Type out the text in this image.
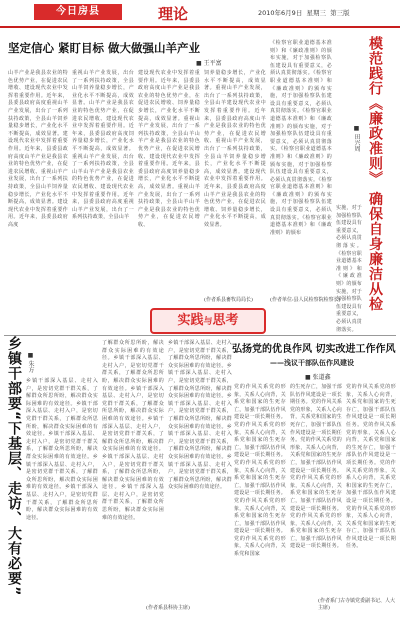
今日房县	理论	2010年6月9日 星期三 第三版
坚定信心 紧盯目标 做大做强山羊产业
■ 王平富
山羊产业是我县农业的特色优势产业，在促进农民增收、建设现代农业中发挥着重要作用。近年来，县委县政府高度重视山羊产业发展，出台了一系列扶持政策，全县山羊饲养量稳步增长，产业化水平不断提高，成效显著。建设现代农业中发挥着重要作用。近年来，县委县政府高度山羊产业是我县农业的特色优势产业，在促进农民增收、重视山羊产业发展，出台了一系列扶持政策，全县山羊饲养量稳步增长，产业化水平不断提高，成效显著。建设现代农业中发挥着重要作用。近年来，县委县政府高度
重视山羊产业发展，出台了一系列扶持政策，全县山羊饲养量稳步增长，产业化水平不断提高，成效显著。山羊产业是我县农业的特色优势产业，在促进农民增收、建设现代农业中发挥着重要作用。近年来，县委县政府高度饲养量稳步增长，产业化水平不断提高，成效显著。重视山羊产业发展，出台了一系列扶持政策，全县山羊山羊产业是我县农业的特色优势产业，在促进农民增收、建设现代农业中发挥着重要作用。近年来，县委县政府高度重视山羊产业发展，出台了一系列扶持政策，全县山羊
建设现代农业中发挥着重要作用。近年来，县委县政府高度山羊产业是我县农业的特色优势产业，在促进农民增收、饲养量稳步增长，产业化水平不断提高，成效显著。重视山羊产业发展，出台了一系列扶持政策，全县山羊山羊产业是我县农业的特色优势产业，在促进农民增收、建设现代农业中发挥着重要作用。近年来，县委县政府高度饲养量稳步增长，产业化水平不断提高，成效显著。重视山羊产业发展，出台了一系列扶持政策，全县山羊山羊产业是我县农业的特色优势产业，在促进农民增收、
饲养量稳步增长，产业化水平不断提高，成效显著。重视山羊产业发展，出台了一系列扶持政策，全县山羊建设现代农业中发挥着重要作用。近年来，县委县政府高度山羊产业是我县农业的特色优势产业，在促进农民增收、重视山羊产业发展，出台了一系列扶持政策，全县山羊饲养量稳步增长，产业化水平不断提高，成效显著。建设现代农业中发挥着重要作用。近年来，县委县政府高度山羊产业是我县农业的特色优势产业，在促进农民增收、饲养量稳步增长，产业化水平不断提高，成效显著。
(作者系县畜牧局局长)
《检察官职业道德基本准则》和《廉政准则》的颁布实施，对于加强检察队伍建设具有重要意义，必须认真贯彻落实。《检察官职业道德基本准则》和《廉政准则》的颁布实施，对于加强检察队伍建设具有重要意义，必须认真贯彻落实。《检察官职业道德基本准则》和《廉政准则》的颁布实施，对于加强检察队伍建设具有重要意义，必须认真贯彻落实。《检察官职业道德基本准则》和《廉政准则》的颁布实施，对于加强检察队伍建设具有重要意义，必须认真贯彻落实。《检察官职业道德基本准则》和《廉政准则》的颁布实施，对于加强检察队伍建设具有重要意义，必须认真贯彻落实。《检察官职业道德基本准则》和《廉政准则》的颁布
(作者单位:县人民检察院检察长) 模范践行《廉政准则》 确保自身廉洁从检
■ 田兴周
实施，对于加强检察队伍建设具有重要意义，必须认真贯彻落实。《检察官职业道德基本准则》和《廉政准则》的颁布实施，对于加强检察队伍建设具有重要意义，必须认真贯彻落实。
实践与思考
乡镇干部要“下基层、走访、大有必要” ■ 朱方
乡镇干部深入基层、走村入户，是密切党群干群关系，了解群众所思所盼，解决群众实际困难的有效途径。乡镇干部深入基层、走村入户，是密切党群干群关系，了解群众所思所盼，解决群众实际困难的有效途径。乡镇干部深入基层、走村入户，是密切党群干群关系，了解群众所思所盼，解决群众实际困难的有效途径。乡镇干部深入基层、走村入户，是密切党群干群关系，了解群众所思所盼，解决群众实际困难的有效途径。乡镇干部深入基层、走村入户，是密切党群干群关系，了解群众所思所盼，解决群众实际困难的有效途径。
了解群众所思所盼，解决群众实际困难的有效途径。乡镇干部深入基层、走村入户，是密切党群干群关系，了解群众所思所盼，解决群众实际困难的有效途径。乡镇干部深入基层、走村入户，是密切党群干群关系，了解群众所思所盼，解决群众实际困难的有效途径。乡镇干部深入基层、走村入户，是密切党群干群关系，了解群众所思所盼，解决群众实际困难的有效途径。乡镇干部深入基层、走村入户，是密切党群干群关系，了解群众所思所盼，解决群众实际困难的有效途径。乡镇干部深入基层、走村入户，是密切党群干群关系，了解群众所思所盼，解决群众实际困难的有效途径。
乡镇干部深入基层、走村入户，是密切党群干群关系，了解群众所思所盼，解决群众实际困难的有效途径。乡镇干部深入基层、走村入户，是密切党群干群关系，了解群众所思所盼，解决群众实际困难的有效途径。乡镇干部深入基层、走村入户，是密切党群干群关系，了解群众所思所盼，解决群众实际困难的有效途径。乡镇干部深入基层、走村入户，是密切党群干群关系，了解群众所思所盼，解决群众实际困难的有效途径。乡镇干部深入基层、走村入户，是密切党群干群关系，了解群众所思所盼，解决群众实际困难的有效途径。
(作者系县科协主席)
弘扬党的优良作风 切实改进工作作风
——浅议干部队伍作风建设
■ 张道鑫
党的作风关系党的形象，关系人心向背，关系党和国家的生死存亡，加强干部队伍作风建设是一项长期任务。党的作风关系党的形象，关系人心向背，关系党和国家的生死存亡，加强干部队伍作风建设是一项长期任务。党的作风关系党的形象，关系人心向背，关系党和国家的生死存亡，加强干部队伍作风建设是一项长期任务。党的作风关系党的形象，关系人心向背，关系党和国家的生死存亡，加强干部队伍作风建设是一项长期任务。党的作风关系党的形象，关系人心向背，关系党和国家
的生死存亡，加强干部队伍作风建设是一项长期任务。党的作风关系党的形象，关系人心向背，关系党和国家的生死存亡，加强干部队伍作风建设是一项长期任务。党的作风关系党的形象，关系人心向背，关系党和国家的生死存亡，加强干部队伍作风建设是一项长期任务。党的作风关系党的形象，关系人心向背，关系党和国家的生死存亡，加强干部队伍作风建设是一项长期任务。党的作风关系党的形象，关系人心向背，关系党和国家的生死存亡，加强干部队伍作风建设是一项长期任务。
党的作风关系党的形象，关系人心向背，关系党和国家的生死存亡，加强干部队伍作风建设是一项长期任务。党的作风关系党的形象，关系人心向背，关系党和国家的生死存亡，加强干部队伍作风建设是一项长期任务。党的作风关系党的形象，关系人心向背，关系党和国家的生死存亡，加强干部队伍作风建设是一项长期任务。党的作风关系党的形象，关系人心向背，关系党和国家的生死存亡，加强干部队伍作风建设是一项长期任务。
(作者系门古寺镇党委副书记、人大主席)
